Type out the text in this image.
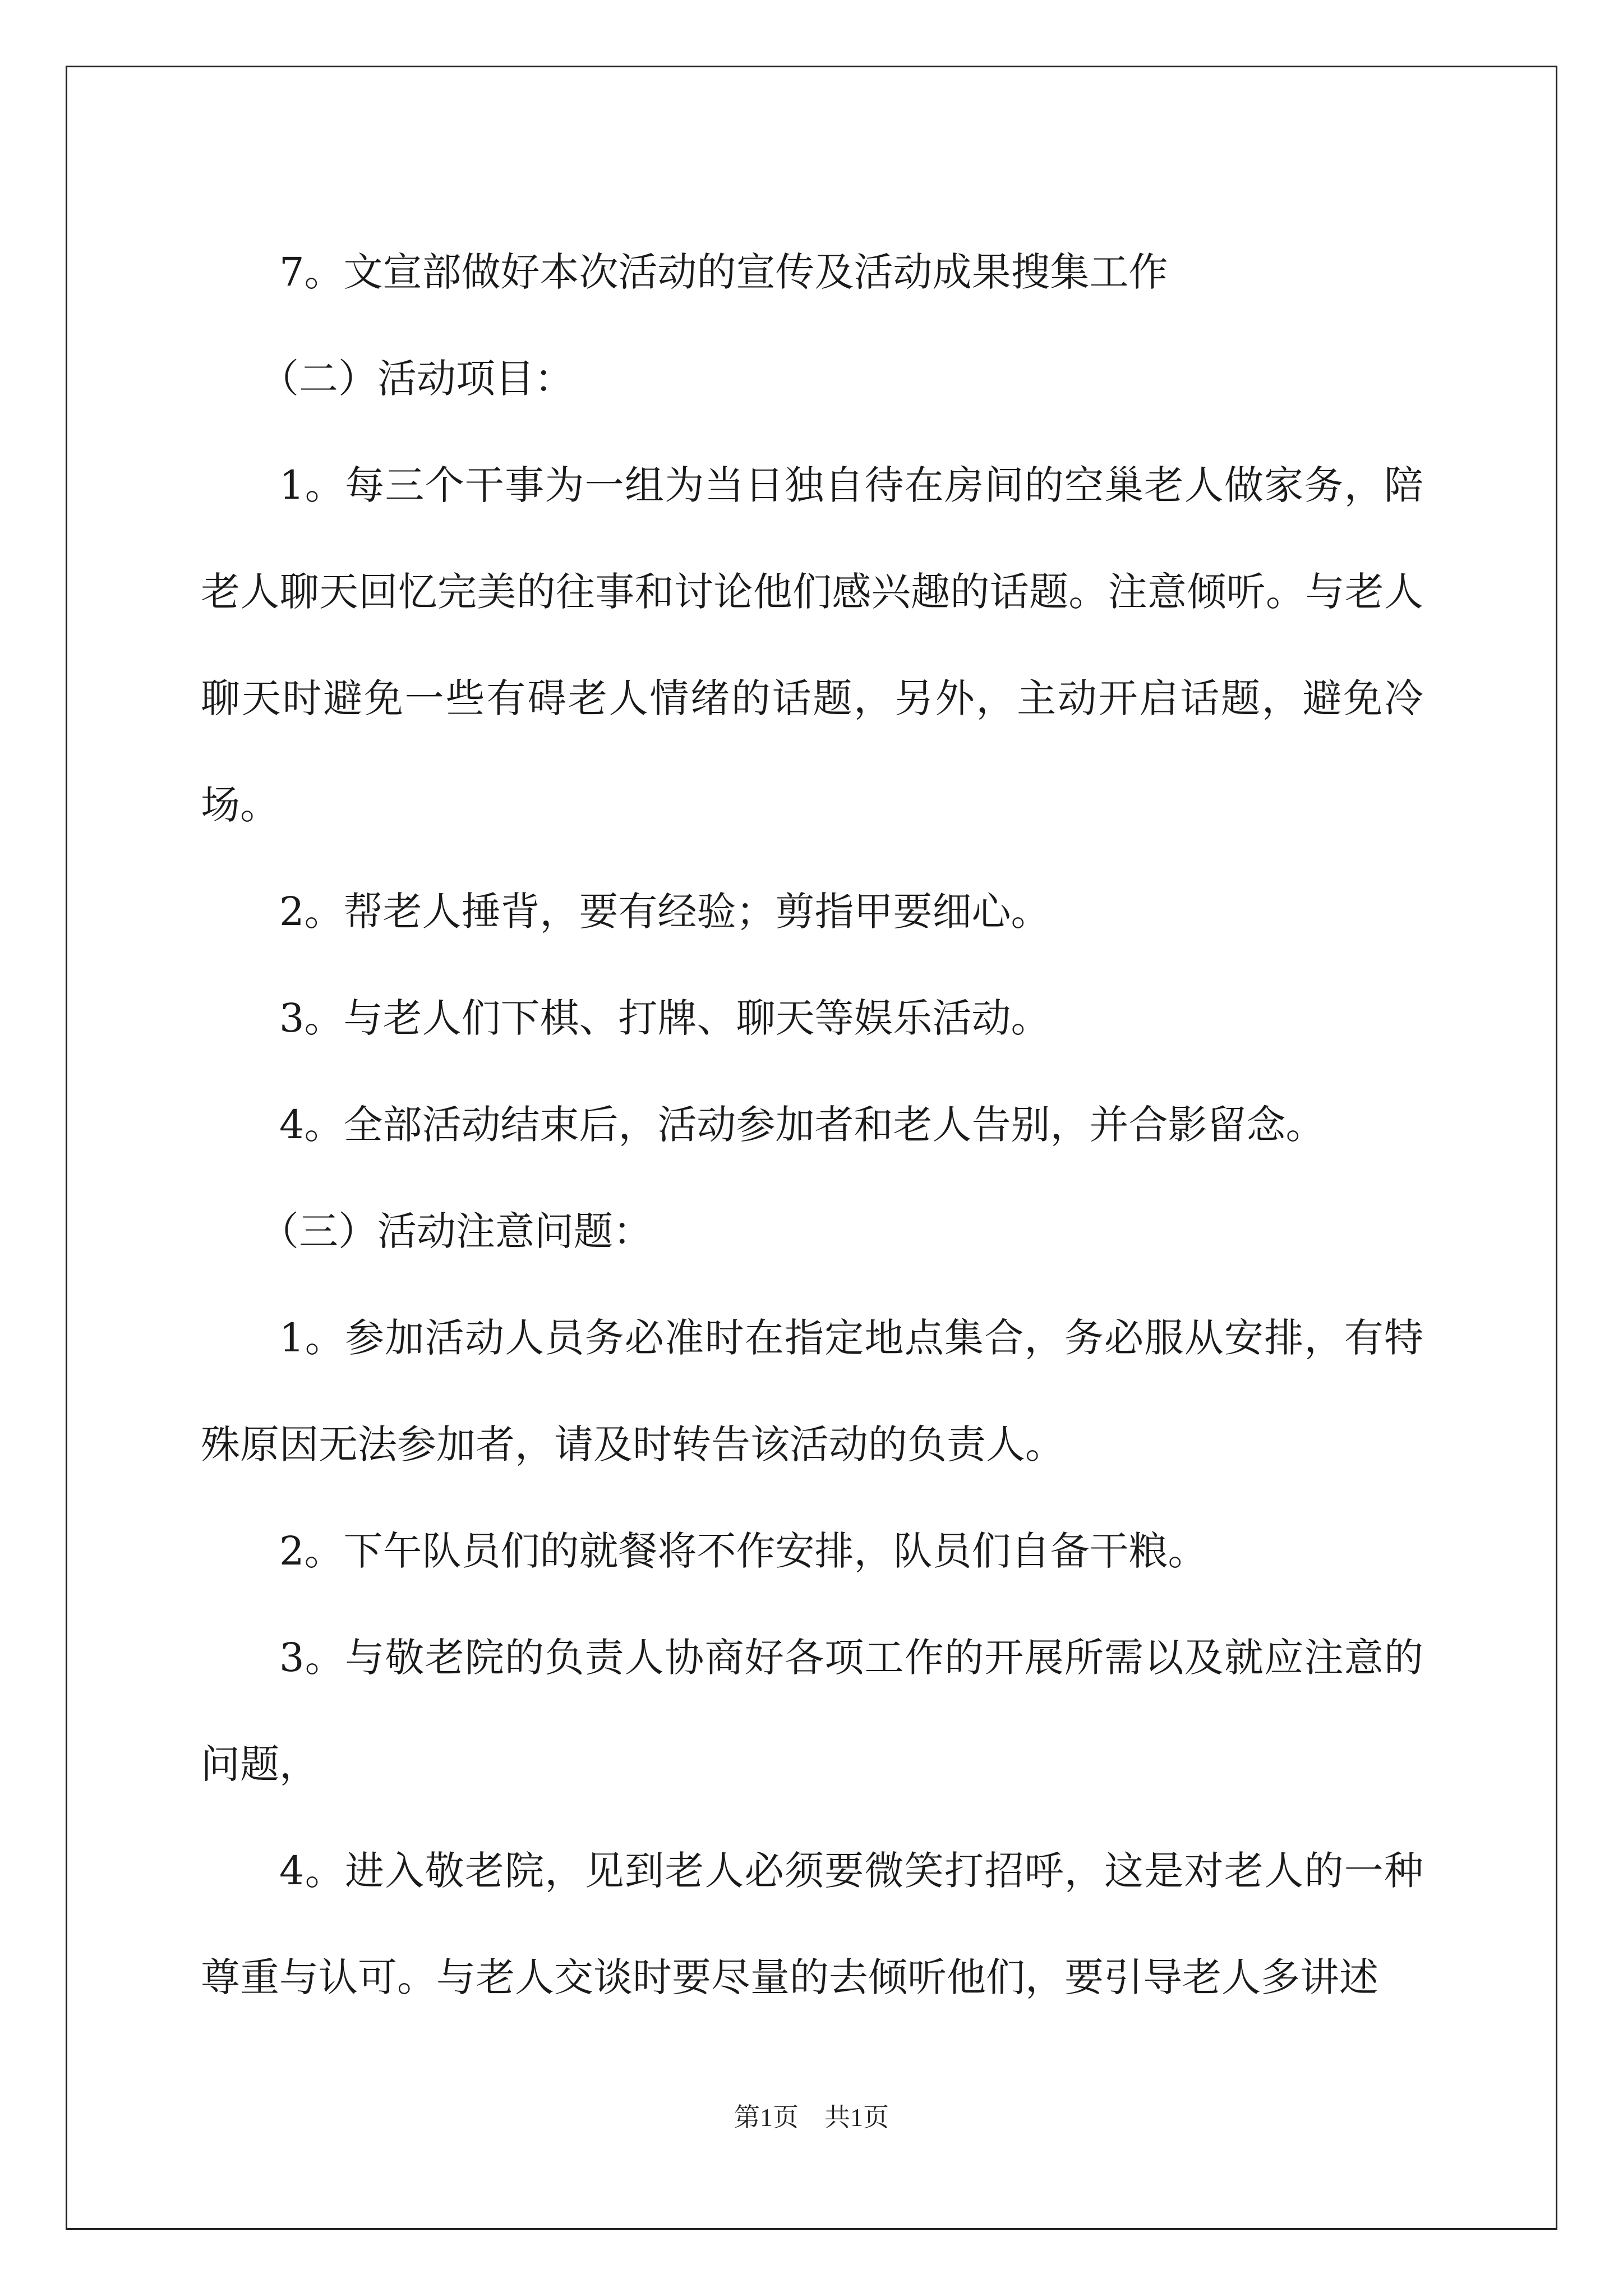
7。文宣部做好本次活动的宣传及活动成果搜集工作

（二）活动项目：

1。每三个干事为一组为当日独自待在房间的空巢老人做家务，陪老人聊天回忆完美的往事和讨论他们感兴趣的话题。注意倾听。与老人聊天时避免一些有碍老人情绪的话题，另外，主动开启话题，避免冷场。

2。帮老人捶背，要有经验；剪指甲要细心。

3。与老人们下棋、打牌、聊天等娱乐活动。

4。全部活动结束后，活动参加者和老人告别，并合影留念。

（三）活动注意问题：

1。参加活动人员务必准时在指定地点集合，务必服从安排，有特殊原因无法参加者，请及时转告该活动的负责人。

2。下午队员们的就餐将不作安排，队员们自备干粮。

3。与敬老院的负责人协商好各项工作的开展所需以及就应注意的问题，

4。进入敬老院，见到老人必须要微笑打招呼，这是对老人的一种尊重与认可。与老人交谈时要尽量的去倾听他们，要引导老人多讲述

第1页　共1页
